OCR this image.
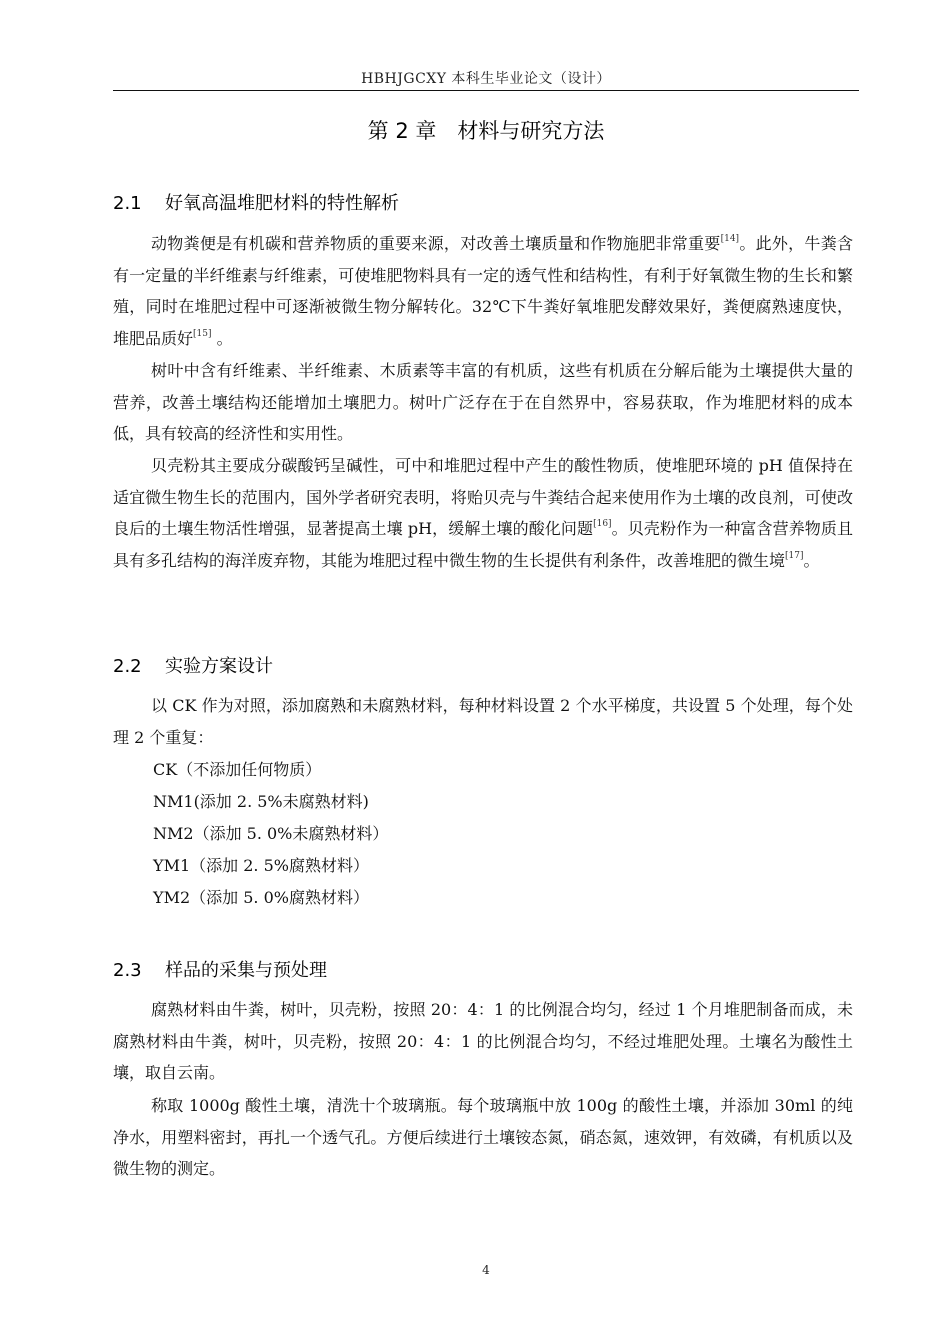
HBHJGCXY 本科生毕业论文（设计）
第 2 章　材料与研究方法
2.1 好氧高温堆肥材料的特性解析

动物粪便是有机碳和营养物质的重要来源，对改善土壤质量和作物施肥非常重要[14]。此外，牛粪含有一定量的半纤维素与纤维素，可使堆肥物料具有一定的透气性和结构性，有利于好氧微生物的生长和繁殖，同时在堆肥过程中可逐渐被微生物分解转化。32℃下牛粪好氧堆肥发酵效果好，粪便腐熟速度快，堆肥品质好[15] 。

树叶中含有纤维素、半纤维素、木质素等丰富的有机质，这些有机质在分解后能为土壤提供大量的营养，改善土壤结构还能增加土壤肥力。树叶广泛存在于在自然界中，容易获取，作为堆肥材料的成本低，具有较高的经济性和实用性。

贝壳粉其主要成分碳酸钙呈碱性，可中和堆肥过程中产生的酸性物质，使堆肥环境的 pH 值保持在适宜微生物生长的范围内，国外学者研究表明，将贻贝壳与牛粪结合起来使用作为土壤的改良剂，可使改良后的土壤生物活性增强，显著提高土壤 pH，缓解土壤的酸化问题[16]。贝壳粉作为一种富含营养物质且具有多孔结构的海洋废弃物，其能为堆肥过程中微生物的生长提供有利条件，改善堆肥的微生境[17]。

2.2 实验方案设计

以 CK 作为对照，添加腐熟和未腐熟材料，每种材料设置 2 个水平梯度，共设置 5 个处理，每个处理 2 个重复：

CK（不添加任何物质）

NM1(添加 2. 5%未腐熟材料)

NM2（添加 5. 0%未腐熟材料）

YM1（添加 2. 5%腐熟材料）

YM2（添加 5. 0%腐熟材料）

2.3 样品的采集与预处理

腐熟材料由牛粪，树叶，贝壳粉，按照 20：4：1 的比例混合均匀，经过 1 个月堆肥制备而成，未腐熟材料由牛粪，树叶，贝壳粉，按照 20：4：1 的比例混合均匀，不经过堆肥处理。土壤名为酸性土壤，取自云南。

称取 1000g 酸性土壤，清洗十个玻璃瓶。每个玻璃瓶中放 100g 的酸性土壤，并添加 30ml 的纯净水，用塑料密封，再扎一个透气孔。方便后续进行土壤铵态氮，硝态氮，速效钾，有效磷，有机质以及微生物的测定。

4
